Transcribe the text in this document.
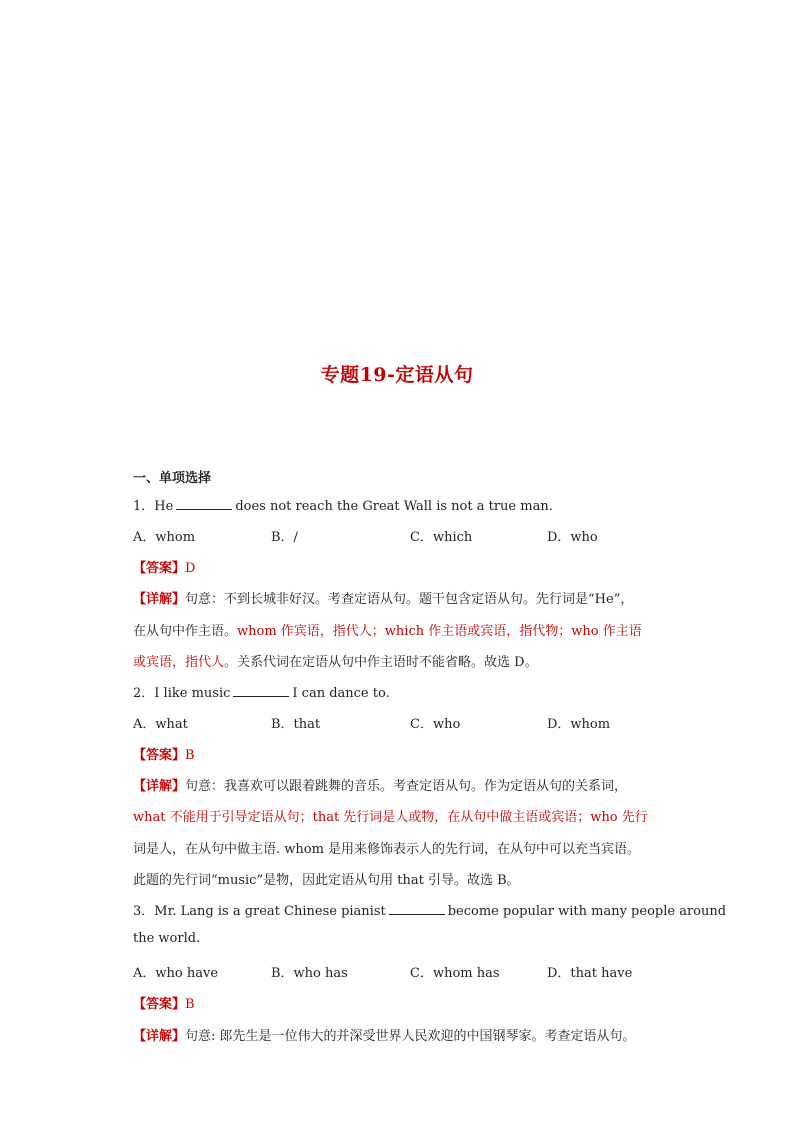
专题19-定语从句
一、单项选择
1．He	does not reach the Great Wall is not a true man.
A．whom	B．/	C．which	D．who
【答案】D
【详解】句意：不到长城非好汉。考查定语从句。题干包含定语从句。先行词是“He”，
在从句中作主语。whom 作宾语，指代人；which 作主语或宾语，指代物；who 作主语
或宾语，指代人。关系代词在定语从句中作主语时不能省略。故选 D。
2．I like music	I can dance to.
A．what	B．that	C．who	D．whom
【答案】B
【详解】句意：我喜欢可以跟着跳舞的音乐。考查定语从句。作为定语从句的关系词，
what 不能用于引导定语从句；that 先行词是人或物，在从句中做主语或宾语；who 先行
词是人，在从句中做主语. whom 是用来修饰表示人的先行词，在从句中可以充当宾语。
此题的先行词“music”是物，因此定语从句用 that 引导。故选 B。
3．Mr. Lang is a great Chinese pianist	become popular with many people around
the world.
A．who have	B．who has	C．whom has	D．that have
【答案】B
【详解】句意: 郎先生是一位伟大的并深受世界人民欢迎的中国钢琴家。考查定语从句。
